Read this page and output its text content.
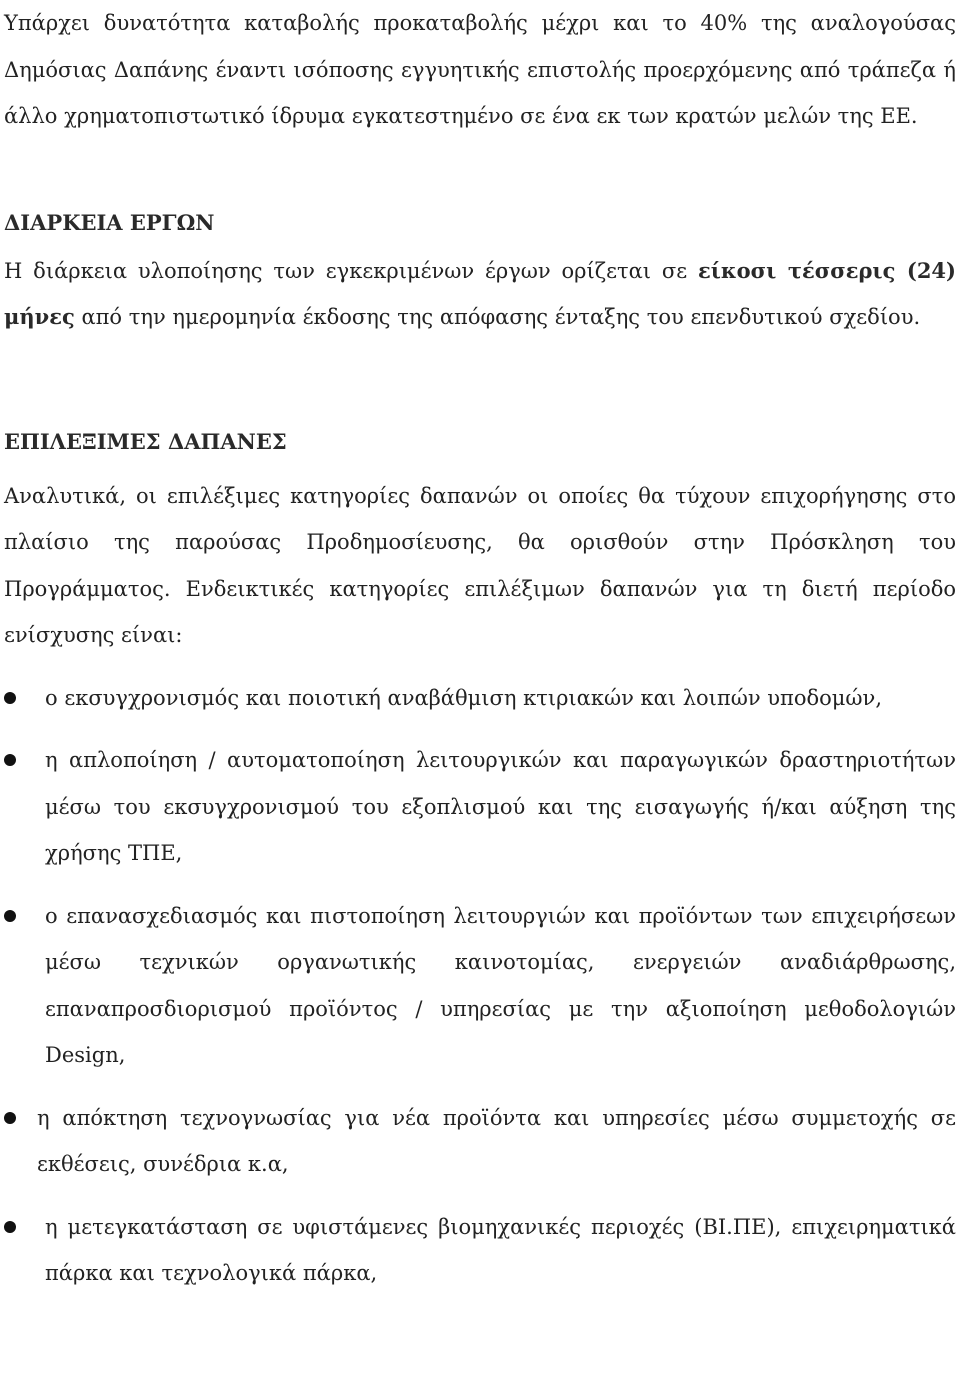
Υπάρχει δυνατότητα καταβολής προκαταβολής μέχρι και το 40% της αναλογούσας Δημόσιας Δαπάνης έναντι ισόποσης εγγυητικής επιστολής προερχόμενης από τράπεζα ή άλλο χρηματοπιστωτικό ίδρυμα εγκατεστημένο σε ένα εκ των κρατών μελών της ΕΕ.

ΔΙΑΡΚΕΙΑ ΕΡΓΩΝ

Η διάρκεια υλοποίησης των εγκεκριμένων έργων ορίζεται σε είκοσι τέσσερις (24) μήνες από την ημερομηνία έκδοσης της απόφασης ένταξης του επενδυτικού σχεδίου.

ΕΠΙΛΕΞΙΜΕΣ ΔΑΠΑΝΕΣ

Αναλυτικά, οι επιλέξιμες κατηγορίες δαπανών οι οποίες θα τύχουν επιχορήγησης στο πλαίσιο της παρούσας Προδημοσίευσης, θα ορισθούν στην Πρόσκληση του Προγράμματος. Ενδεικτικές κατηγορίες επιλέξιμων δαπανών για τη διετή περίοδο ενίσχυσης είναι:

ο εκσυγχρονισμός και ποιοτική αναβάθμιση κτιριακών και λοιπών υποδομών,
η απλοποίηση / αυτοματοποίηση λειτουργικών και παραγωγικών δραστηριοτήτων μέσω του εκσυγχρονισμού του εξοπλισμού και της εισαγωγής ή/και αύξηση της χρήσης ΤΠΕ,
ο επανασχεδιασμός και πιστοποίηση λειτουργιών και προϊόντων των επιχειρήσεων μέσω τεχνικών οργανωτικής καινοτομίας, ενεργειών αναδιάρθρωσης, επαναπροσδιορισμού προϊόντος / υπηρεσίας με την αξιοποίηση μεθοδολογιών Design,
η απόκτηση τεχνογνωσίας για νέα προϊόντα και υπηρεσίες μέσω συμμετοχής σε εκθέσεις, συνέδρια κ.α,
η μετεγκατάσταση σε υφιστάμενες βιομηχανικές περιοχές (ΒΙ.ΠΕ), επιχειρηματικά πάρκα και τεχνολογικά πάρκα,
